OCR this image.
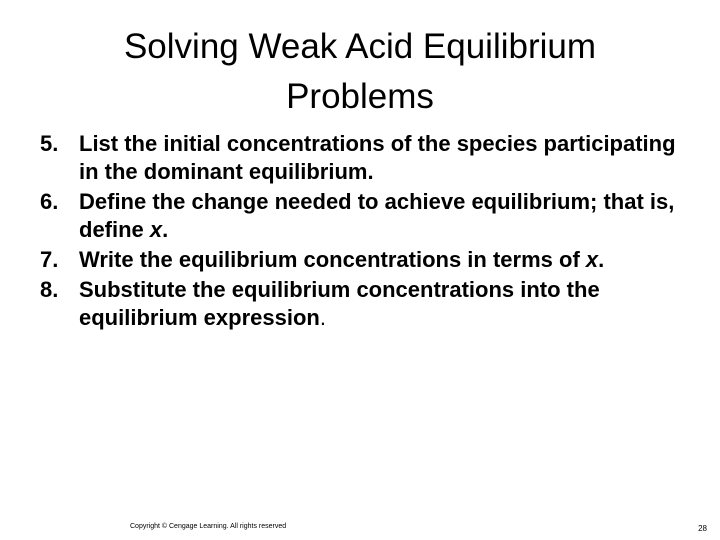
Solving Weak Acid Equilibrium
Problems
5. List the initial concentrations of the species participating in the dominant equilibrium.
6. Define the change needed to achieve equilibrium; that is, define x.
7. Write the equilibrium concentrations in terms of x.
8. Substitute the equilibrium concentrations into the equilibrium expression.
Copyright © Cengage Learning. All rights reserved	28
